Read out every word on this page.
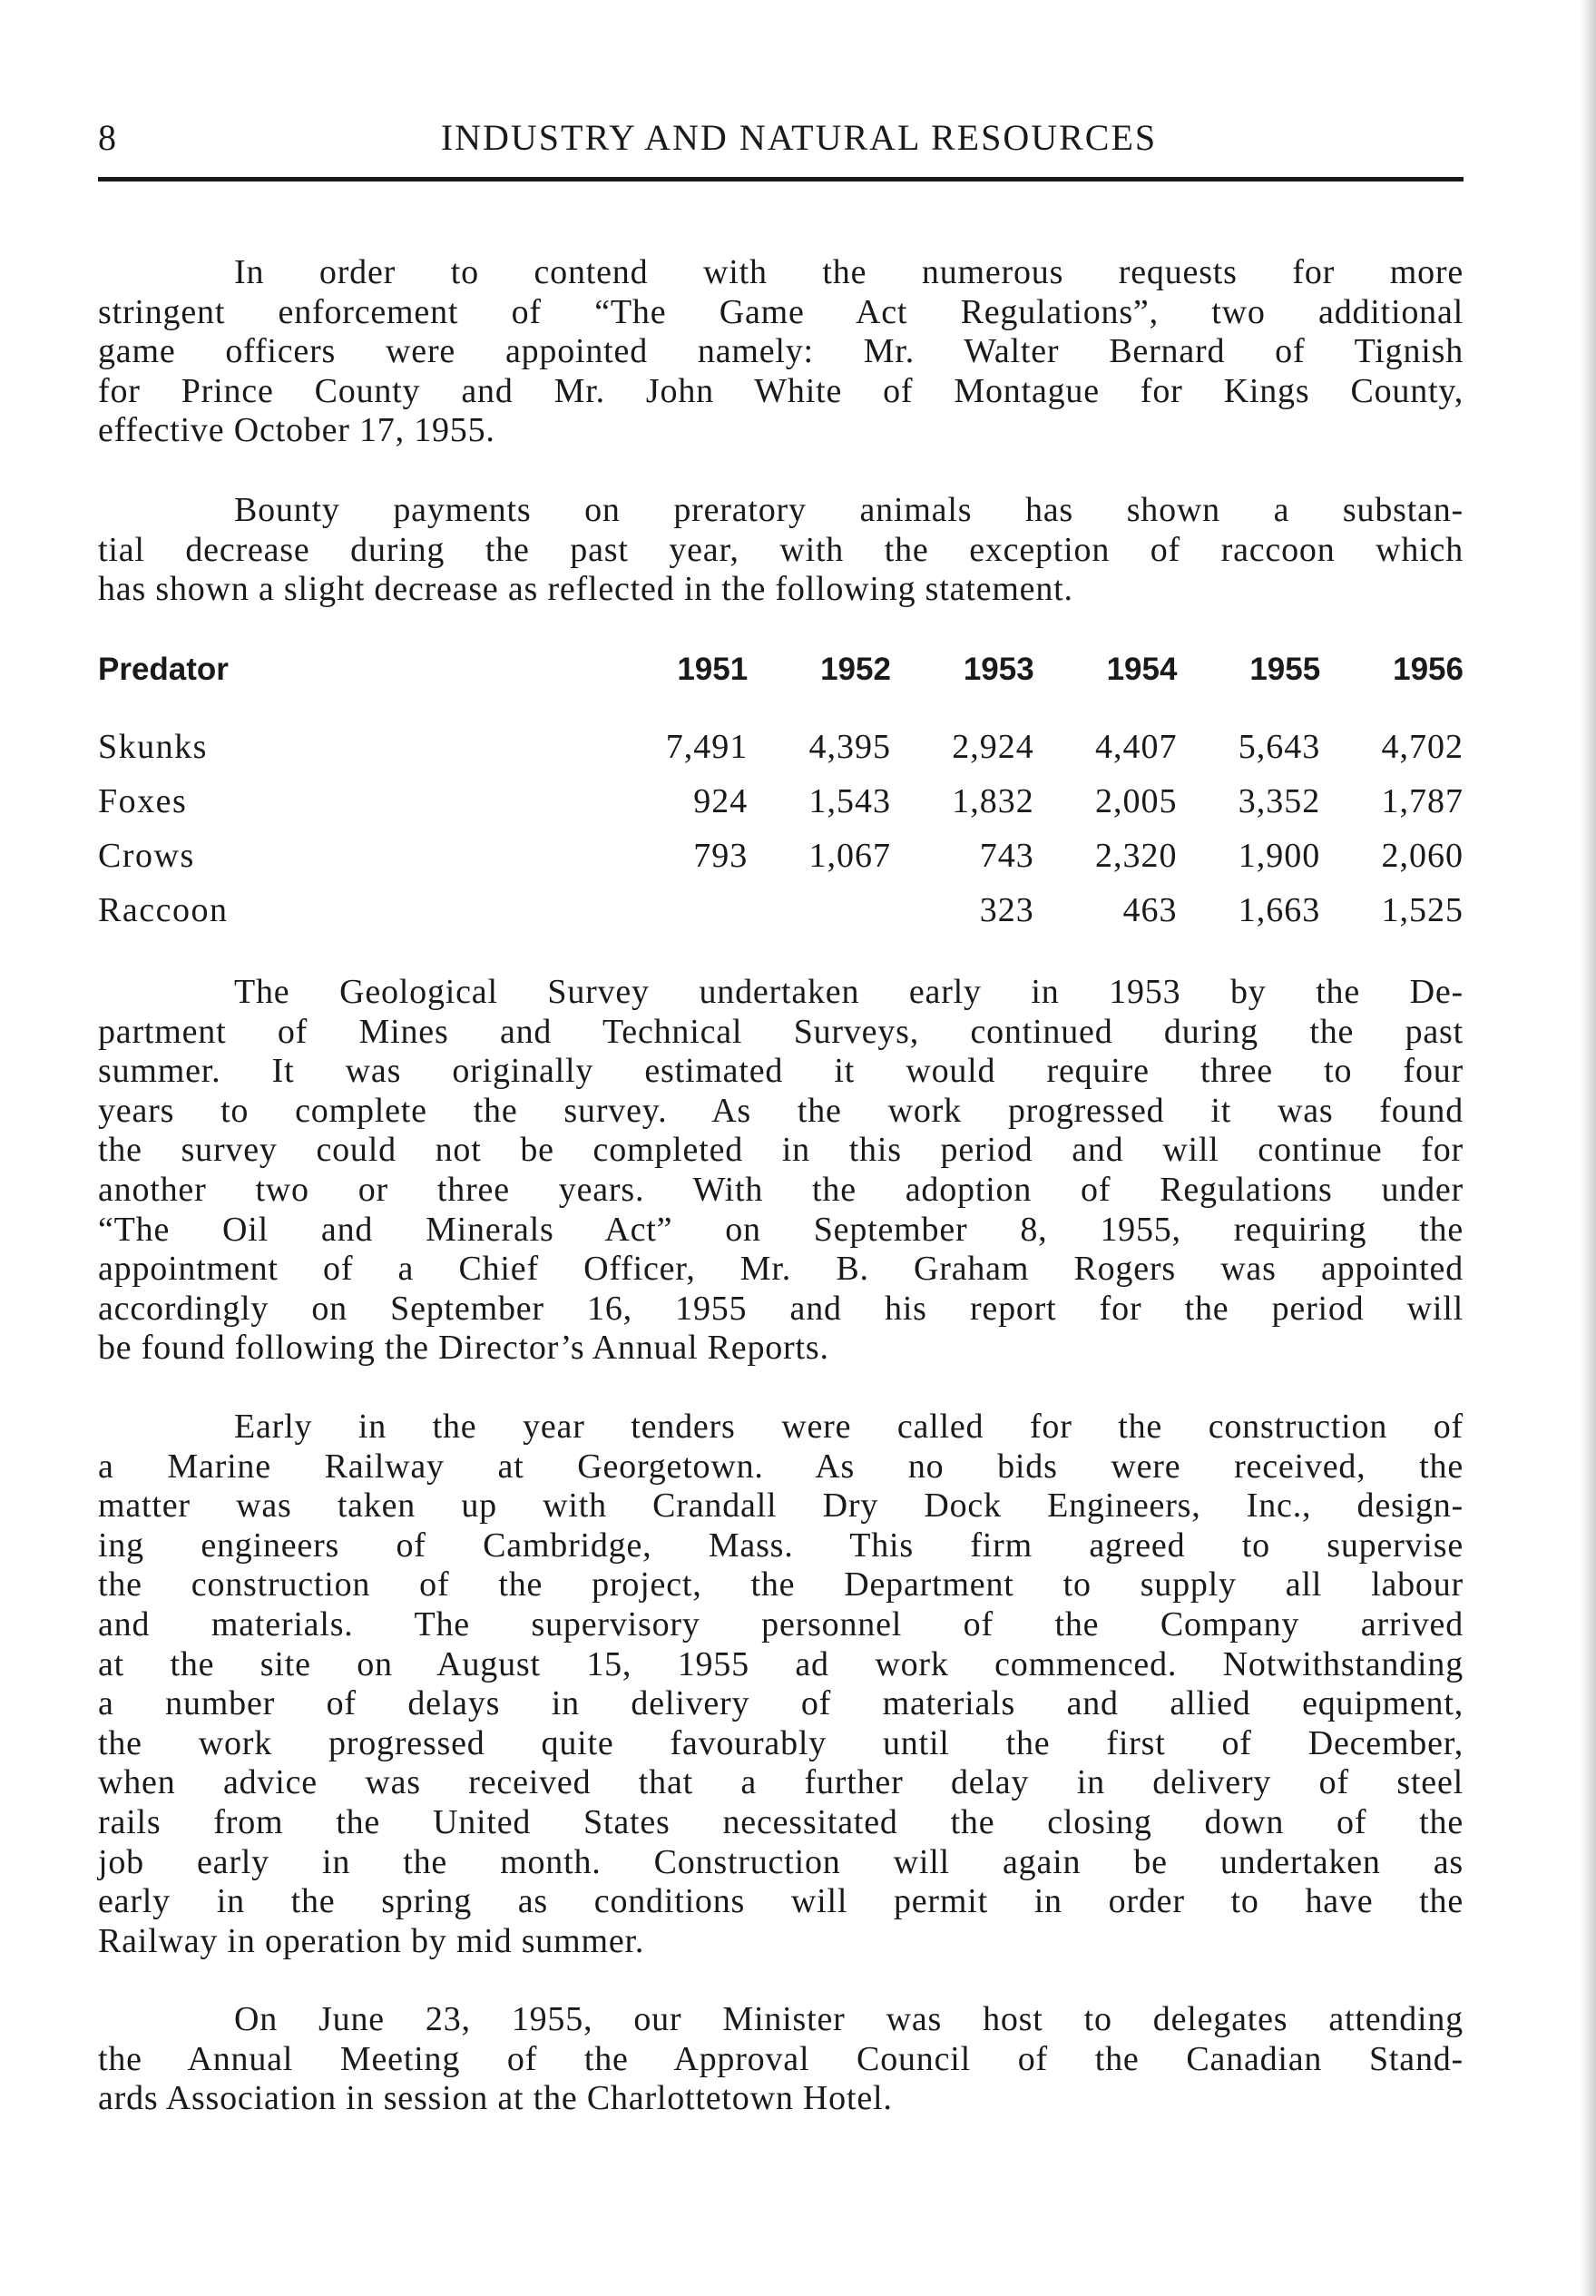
8	INDUSTRY AND NATURAL RESOURCES

In order to contend with the numerous requests for more
stringent enforcement of “The Game Act Regulations”, two additional
game officers were appointed namely: Mr. Walter Bernard of Tignish
for Prince County and Mr. John White of Montague for Kings County,
effective October 17, 1955.

Bounty payments on preratory animals has shown a substan-
tial decrease during the past year, with the exception of raccoon which
has shown a slight decrease as reflected in the following statement.

Predator	1951	1952	1953	1954	1955	1956

Skunks	7,491	4,395	2,924	4,407	5,643	4,702
Foxes	924	1,543	1,832	2,005	3,352	1,787
Crows	793	1,067	743	2,320	1,900	2,060
Raccoon			323	463	1,663	1,525

The Geological Survey undertaken early in 1953 by the De-
partment of Mines and Technical Surveys, continued during the past
summer. It was originally estimated it would require three to four
years to complete the survey. As the work progressed it was found
the survey could not be completed in this period and will continue for
another two or three years. With the adoption of Regulations under
“The Oil and Minerals Act” on September 8, 1955, requiring the
appointment of a Chief Officer, Mr. B. Graham Rogers was appointed
accordingly on September 16, 1955 and his report for the period will
be found following the Director’s Annual Reports.

Early in the year tenders were called for the construction of
a Marine Railway at Georgetown. As no bids were received, the
matter was taken up with Crandall Dry Dock Engineers, Inc., design-
ing engineers of Cambridge, Mass. This firm agreed to supervise
the construction of the project, the Department to supply all labour
and materials. The supervisory personnel of the Company arrived
at the site on August 15, 1955 ad work commenced. Notwithstanding
a number of delays in delivery of materials and allied equipment,
the work progressed quite favourably until the first of December,
when advice was received that a further delay in delivery of steel
rails from the United States necessitated the closing down of the
job early in the month. Construction will again be undertaken as
early in the spring as conditions will permit in order to have the
Railway in operation by mid summer.

On June 23, 1955, our Minister was host to delegates attending
the Annual Meeting of the Approval Council of the Canadian Stand-
ards Association in session at the Charlottetown Hotel.
